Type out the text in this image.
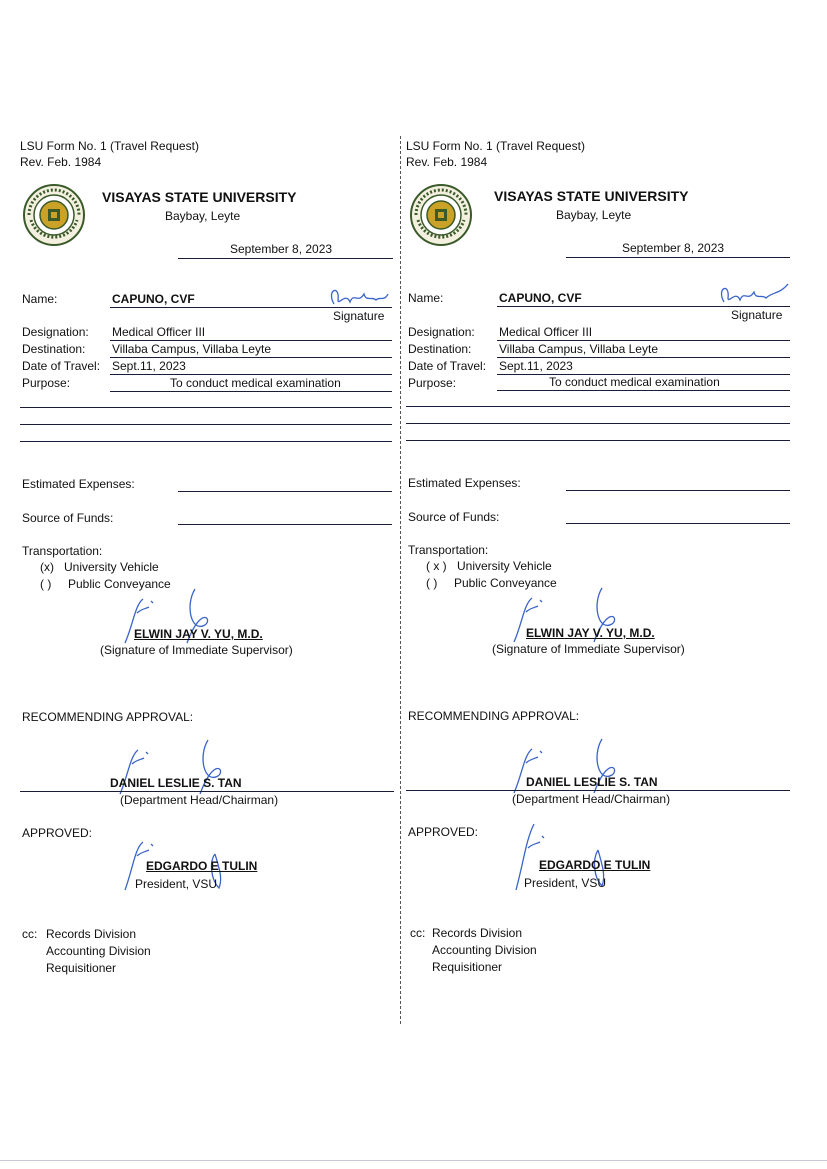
LSU Form No. 1 (Travel Request)
Rev. Feb. 1984
VISAYAS STATE UNIVERSITY
Baybay, Leyte
September 8, 2023
Name:	CAPUNO, CVF
Signature
Designation: Medical Officer III
Destination: Villaba Campus, Villaba Leyte
Date of Travel: Sept.11, 2023
Purpose:	To conduct medical examination
Estimated Expenses:
Source of Funds:
Transportation:
(x) University Vehicle
( ) Public Conveyance
ELWIN JAY V. YU, M.D.
(Signature of Immediate Supervisor)
RECOMMENDING APPROVAL:
DANIEL LESLIE S. TAN
(Department Head/Chairman)
APPROVED:
EDGARDO E TULIN
President, VSU
cc: Records Division
Accounting Division
Requisitioner
LSU Form No. 1 (Travel Request)
Rev. Feb. 1984
VISAYAS STATE UNIVERSITY
Baybay, Leyte
September 8, 2023
Name:	CAPUNO, CVF
Signature
Designation: Medical Officer III
Destination: Villaba Campus, Villaba Leyte
Date of Travel: Sept.11, 2023
Purpose:	To conduct medical examination
Estimated Expenses:
Source of Funds:
Transportation:
( x ) University Vehicle
( ) Public Conveyance
ELWIN JAY V. YU, M.D.
(Signature of Immediate Supervisor)
RECOMMENDING APPROVAL:
DANIEL LESLIE S. TAN
(Department Head/Chairman)
APPROVED:
EDGARDO E TULIN
President, VSU
cc: Records Division
Accounting Division
Requisitioner
